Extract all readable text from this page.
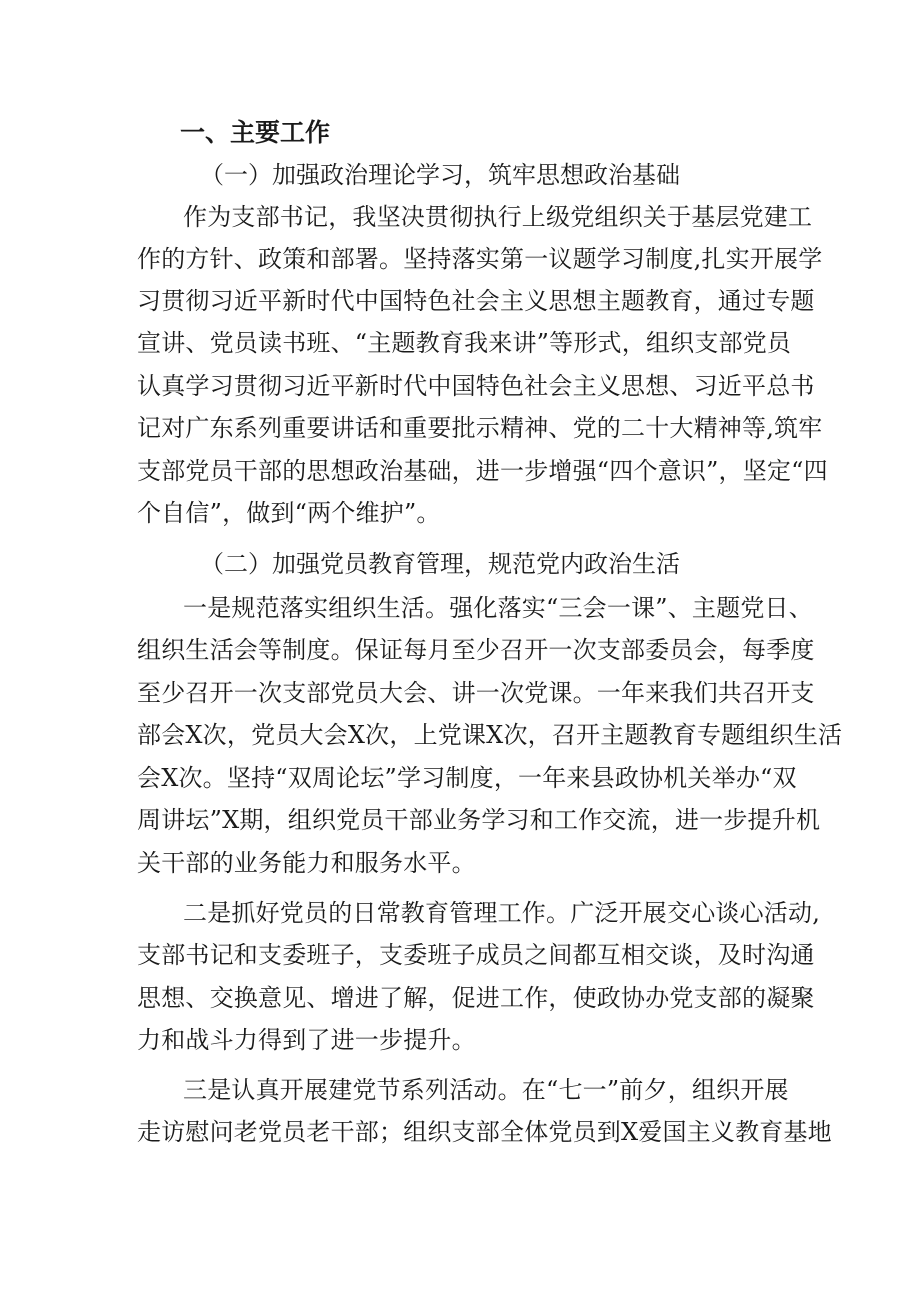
一、主要工作
（一）加强政治理论学习，筑牢思想政治基础
作为支部书记，我坚决贯彻执行上级党组织关于基层党建工
作的方针、政策和部署。坚持落实第一议题学习制度,扎实开展学
习贯彻习近平新时代中国特色社会主义思想主题教育，通过专题
宣讲、党员读书班、“主题教育我来讲”等形式，组织支部党员
认真学习贯彻习近平新时代中国特色社会主义思想、习近平总书
记对广东系列重要讲话和重要批示精神、党的二十大精神等,筑牢
支部党员干部的思想政治基础，进一步增强“四个意识”，坚定“四
个自信”，做到“两个维护”。
（二）加强党员教育管理，规范党内政治生活
一是规范落实组织生活。强化落实“三会一课”、主题党日、
组织生活会等制度。保证每月至少召开一次支部委员会，每季度
至少召开一次支部党员大会、讲一次党课。一年来我们共召开支
部会X次，党员大会X次，上党课X次，召开主题教育专题组织生活
会X次。坚持“双周论坛”学习制度，一年来县政协机关举办“双
周讲坛”X期，组织党员干部业务学习和工作交流，进一步提升机
关干部的业务能力和服务水平。
二是抓好党员的日常教育管理工作。广泛开展交心谈心活动,
支部书记和支委班子，支委班子成员之间都互相交谈，及时沟通
思想、交换意见、增进了解，促进工作，使政协办党支部的凝聚
力和战斗力得到了进一步提升。
三是认真开展建党节系列活动。在“七一”前夕，组织开展
走访慰问老党员老干部；组织支部全体党员到X爱国主义教育基地
